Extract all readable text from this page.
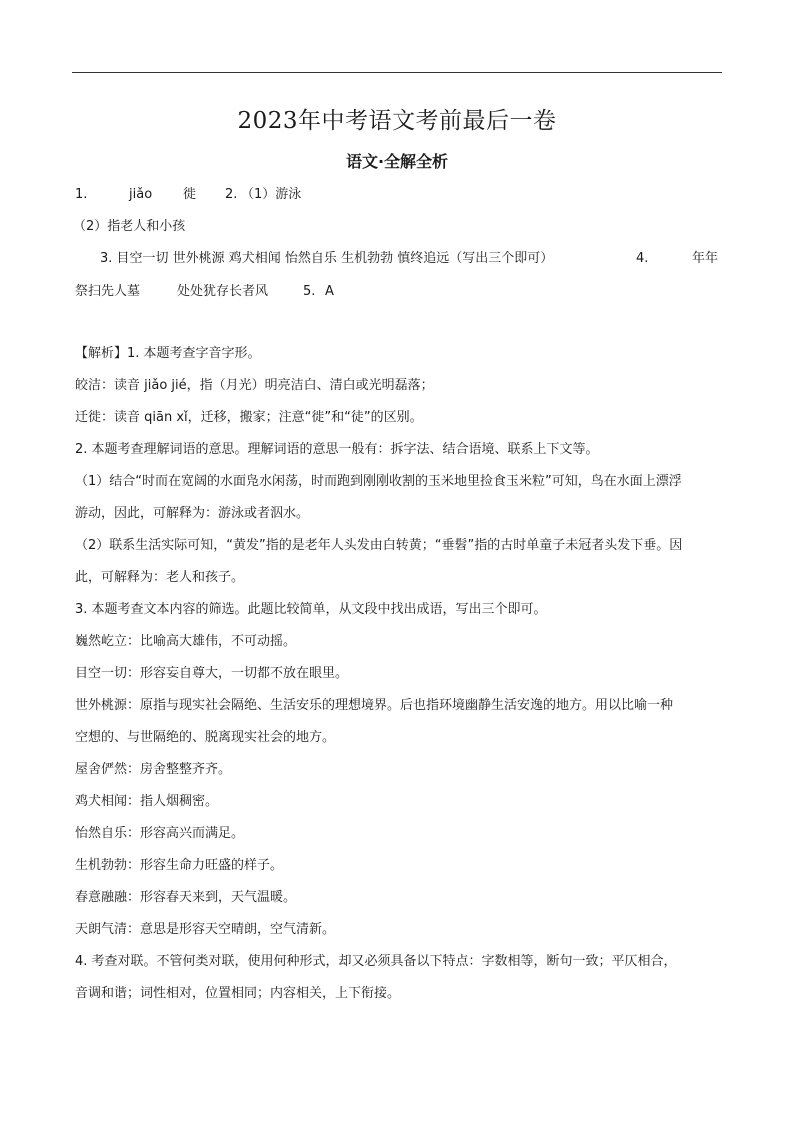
2023年中考语文考前最后一卷
语文·全解全析
1.	jiǎo 徙 2. （1）游泳
（2）指老人和小孩
3. 目空一切 世外桃源 鸡犬相闻 怡然自乐 生机勃勃 慎终追远（写出三个即可）	4.	年年
祭扫先人墓	处处犹存长者风	5. A
【解析】1. 本题考查字音字形。
皎洁：读音 jiǎo jié，指（月光）明亮洁白、清白或光明磊落；
迁徙：读音 qiān xǐ，迁移，搬家；注意“徙”和“徒”的区别。
2. 本题考查理解词语的意思。理解词语的意思一般有：拆字法、结合语境、联系上下文等。
（1）结合“时而在宽阔的水面凫水闲荡，时而跑到刚刚收割的玉米地里捡食玉米粒”可知，鸟在水面上漂浮
游动，因此，可解释为：游泳或者泅水。
（2）联系生活实际可知，“黄发”指的是老年人头发由白转黄；“垂髫”指的古时单童子未冠者头发下垂。因
此，可解释为：老人和孩子。
3. 本题考查文本内容的筛选。此题比较简单，从文段中找出成语，写出三个即可。
巍然屹立：比喻高大雄伟，不可动摇。
目空一切：形容妄自尊大，一切都不放在眼里。
世外桃源：原指与现实社会隔绝、生活安乐的理想境界。后也指环境幽静生活安逸的地方。用以比喻一种
空想的、与世隔绝的、脱离现实社会的地方。
屋舍俨然：房舍整整齐齐。
鸡犬相闻：指人烟稠密。
怡然自乐：形容高兴而满足。
生机勃勃：形容生命力旺盛的样子。
春意融融：形容春天来到，天气温暖。
天朗气清：意思是形容天空晴朗，空气清新。
4. 考查对联。不管何类对联，使用何种形式，却又必须具备以下特点：字数相等，断句一致；平仄相合，
音调和谐；词性相对，位置相同；内容相关，上下衔接。
